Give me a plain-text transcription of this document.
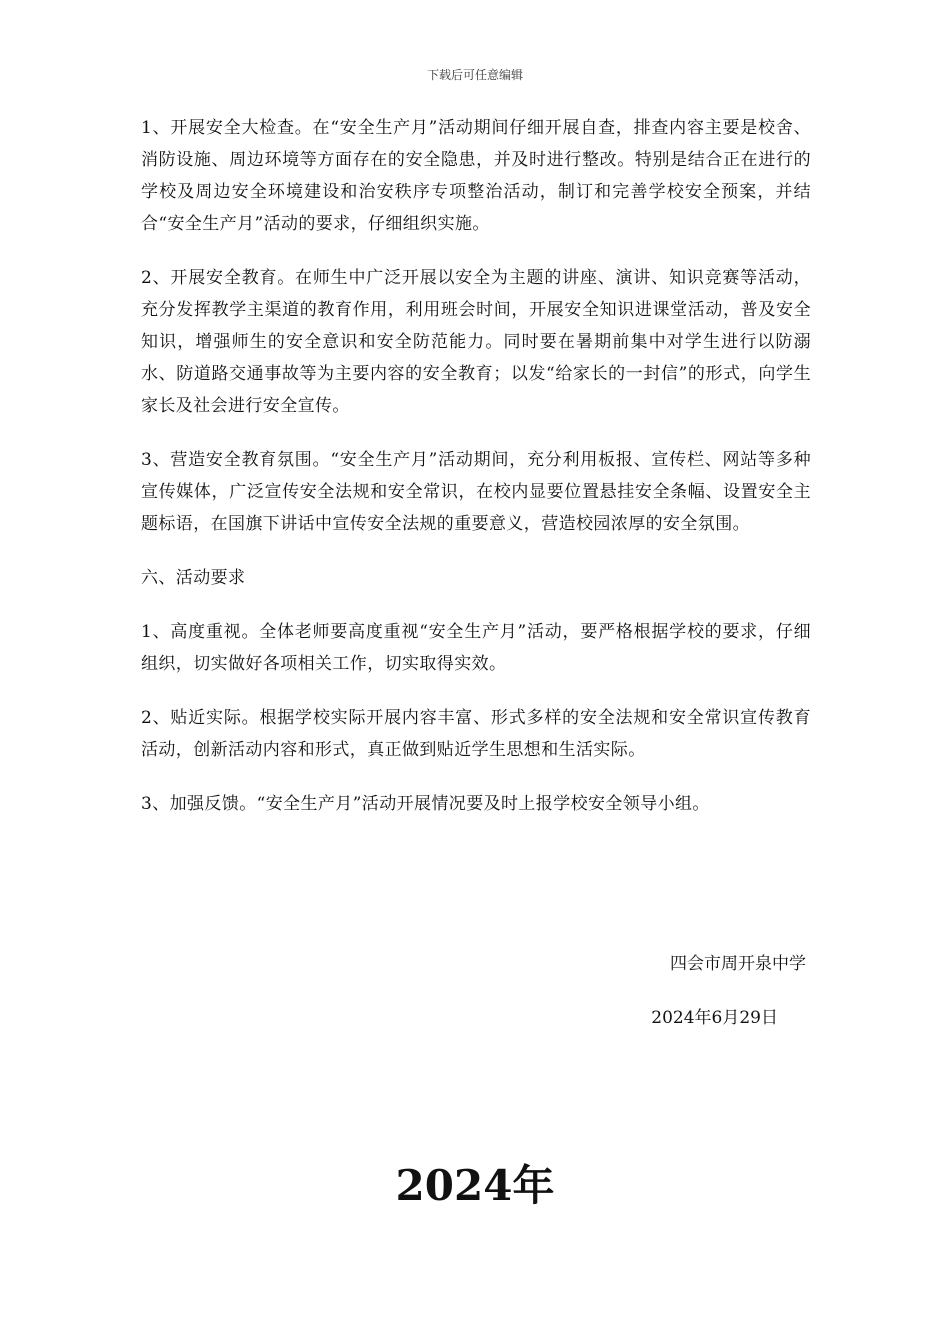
下载后可任意编辑

1、开展安全大检查。在“安全生产月”活动期间仔细开展自查，排查内容主要是校舍、消防设施、周边环境等方面存在的安全隐患，并及时进行整改。特别是结合正在进行的学校及周边安全环境建设和治安秩序专项整治活动，制订和完善学校安全预案，并结合“安全生产月”活动的要求，仔细组织实施。

2、开展安全教育。在师生中广泛开展以安全为主题的讲座、演讲、知识竞赛等活动，充分发挥教学主渠道的教育作用，利用班会时间，开展安全知识进课堂活动，普及安全知识，增强师生的安全意识和安全防范能力。同时要在暑期前集中对学生进行以防溺水、防道路交通事故等为主要内容的安全教育；以发“给家长的一封信”的形式，向学生家长及社会进行安全宣传。

3、营造安全教育氛围。“安全生产月”活动期间，充分利用板报、宣传栏、网站等多种宣传媒体，广泛宣传安全法规和安全常识，在校内显要位置悬挂安全条幅、设置安全主题标语，在国旗下讲话中宣传安全法规的重要意义，营造校园浓厚的安全氛围。

六、活动要求

1、高度重视。全体老师要高度重视“安全生产月”活动，要严格根据学校的要求，仔细组织，切实做好各项相关工作，切实取得实效。

2、贴近实际。根据学校实际开展内容丰富、形式多样的安全法规和安全常识宣传教育活动，创新活动内容和形式，真正做到贴近学生思想和生活实际。

3、加强反馈。“安全生产月”活动开展情况要及时上报学校安全领导小组。

四会市周开泉中学
2024年6月29日
2024年
